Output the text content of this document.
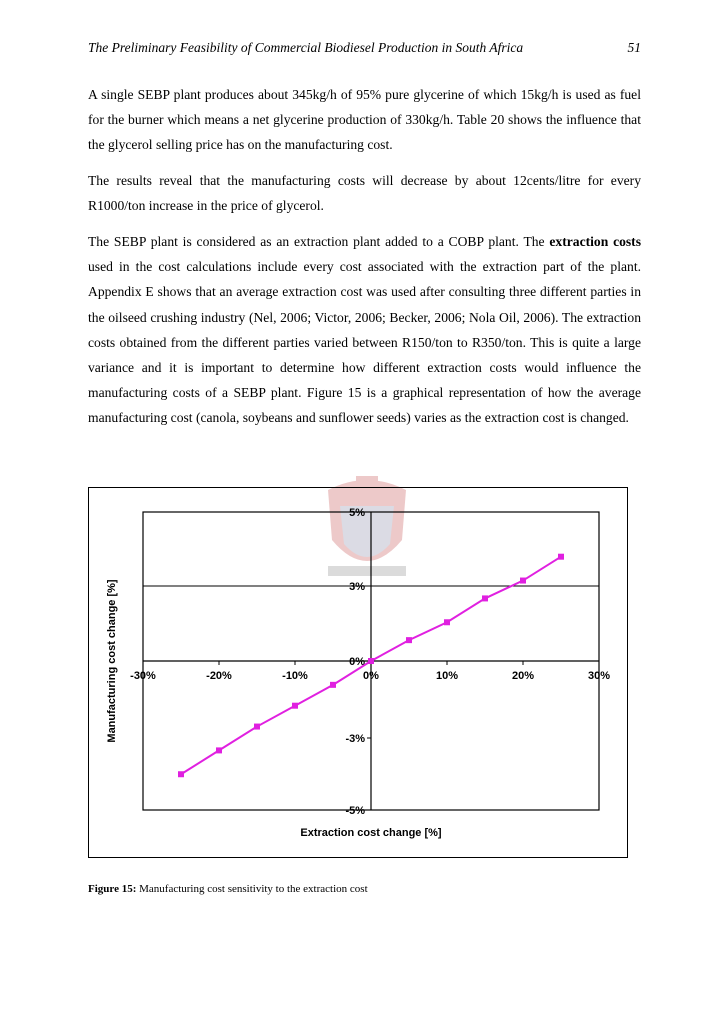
The Preliminary Feasibility of Commercial Biodiesel Production in South Africa	51

A single SEBP plant produces about 345kg/h of 95% pure glycerine of which 15kg/h is used as fuel for the burner which means a net glycerine production of 330kg/h. Table 20 shows the influence that the glycerol selling price has on the manufacturing cost.

The results reveal that the manufacturing costs will decrease by about 12cents/litre for every R1000/ton increase in the price of glycerol.

The SEBP plant is considered as an extraction plant added to a COBP plant. The extraction costs used in the cost calculations include every cost associated with the extraction part of the plant. Appendix E shows that an average extraction cost was used after consulting three different parties in the oilseed crushing industry (Nel, 2006; Victor, 2006; Becker, 2006; Nola Oil, 2006). The extraction costs obtained from the different parties varied between R150/ton to R350/ton. This is quite a large variance and it is important to determine how different extraction costs would influence the manufacturing costs of a SEBP plant. Figure 15 is a graphical representation of how the average manufacturing cost (canola, soybeans and sunflower seeds) varies as the extraction cost is changed.

-30%	-20%	-10%	0%	10%	20%	30%
5%
3%
0%
-3%
-5%
Extraction cost change [%]
Manufacturing cost change [%]
Figure 15: Manufacturing cost sensitivity to the extraction cost
